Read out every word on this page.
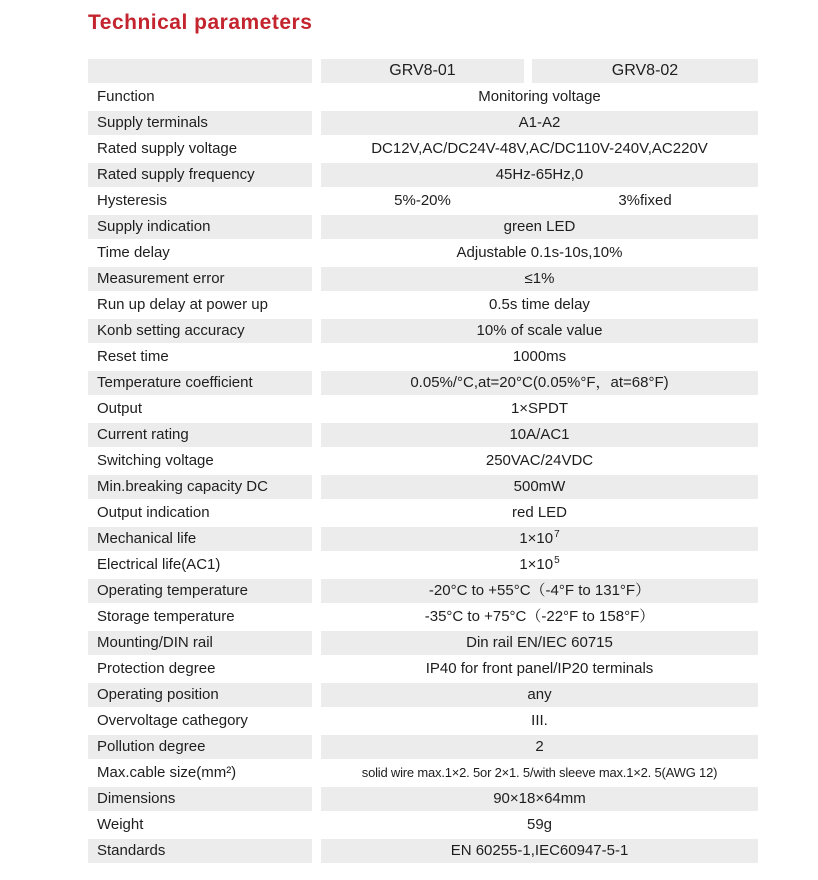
Technical parameters
GRV8-01	GRV8-02
Function	Monitoring voltage
Supply terminals	A1-A2
Rated supply voltage	DC12V,AC/DC24V-48V,AC/DC110V-240V,AC220V
Rated supply frequency	45Hz-65Hz,0
Hysteresis	5%-20%	3%fixed
Supply indication	green LED
Time delay	Adjustable 0.1s-10s,10%
Measurement error	≤1%
Run up delay at power up	0.5s time delay
Konb setting accuracy	10% of scale value
Reset time	1000ms
Temperature coefficient	0.05%/°C,at=20°C(0.05%°F，at=68°F)
Output	1×SPDT
Current rating	10A/AC1
Switching voltage	250VAC/24VDC
Min.breaking capacity DC	500mW
Output indication	red LED
Mechanical life	$1\times 10^7$
Electrical life(AC1)	$1\times 10^5$
Operating temperature	-20°C to +55°C（-4°F to 131°F）
Storage temperature	-35°C to +75°C（-22°F to 158°F）
Mounting/DIN rail	Din rail EN/IEC 60715
Protection degree	IP40 for front panel/IP20 terminals
Operating position	any
Overvoltage cathegory	III.
Pollution degree	2
Max.cable size(mm²)	solid wire max.1×2. 5or 2×1. 5/with sleeve max.1×2. 5(AWG 12)
Dimensions	90×18×64mm
Weight	59g
Standards	EN 60255-1,IEC60947-5-1
